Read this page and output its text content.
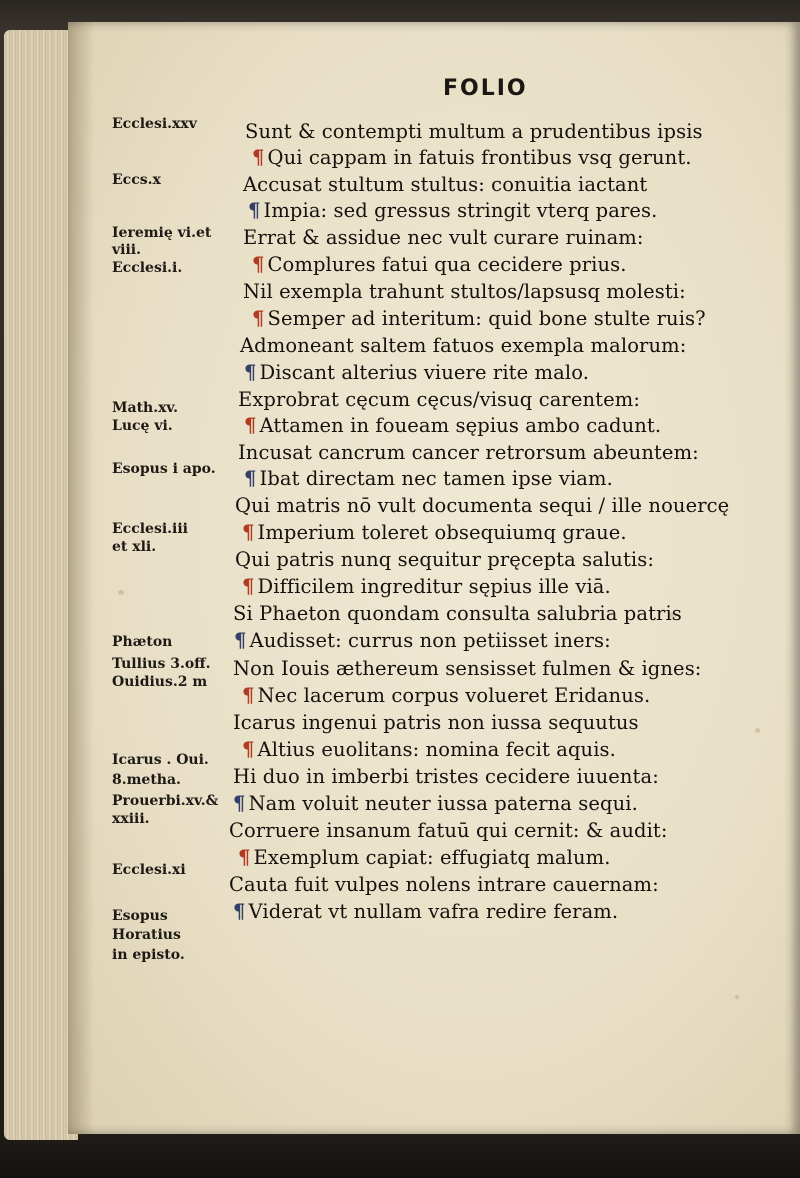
FOLIO
Ecclesi.xxv
Eccs.x
Ieremię vi.et
viii.
Ecclesi.i.
Math.xv.
Lucę vi.
Esopus i apo.
Ecclesi.iii
et xli.
Phæton
Tullius 3.off.
Ouidius.2 m
Icarus . Oui.
8.metha.
Prouerbi.xv.&
xxiii.
Ecclesi.xi
Esopus
Horatius
in episto.
Sunt & contempti multum a prudentibus ipsis
¶ Qui cappam in fatuis frontibus vsq gerunt.
Accusat stultum stultus: conuitia iactant
¶ Impia: sed gressus stringit vterq pares.
Errat & assidue nec vult curare ruinam:
¶ Complures fatui qua cecidere prius.
Nil exempla trahunt stultos/lapsusq molesti:
¶ Semper ad interitum: quid bone stulte ruis?
Admoneant saltem fatuos exempla malorum:
¶ Discant alterius viuere rite malo.
Exprobrat cęcum cęcus/visuq carentem:
¶ Attamen in foueam sępius ambo cadunt.
Incusat cancrum cancer retrorsum abeuntem:
¶ Ibat directam nec tamen ipse viam.
Qui matris nō vult documenta sequi / ille nouercę
¶ Imperium toleret obsequiumq graue.
Qui patris nunq sequitur pręcepta salutis:
¶ Difficilem ingreditur sępius ille viā.
Si Phaeton quondam consulta salubria patris
¶ Audisset: currus non petiisset iners:
Non Iouis æthereum sensisset fulmen & ignes:
¶ Nec lacerum corpus volueret Eridanus.
Icarus ingenui patris non iussa sequutus
¶ Altius euolitans: nomina fecit aquis.
Hi duo in imberbi tristes cecidere iuuenta:
¶ Nam voluit neuter iussa paterna sequi.
Corruere insanum fatuū qui cernit: & audit:
¶ Exemplum capiat: effugiatq malum.
Cauta fuit vulpes nolens intrare cauernam:
¶ Viderat vt nullam vafra redire feram.
